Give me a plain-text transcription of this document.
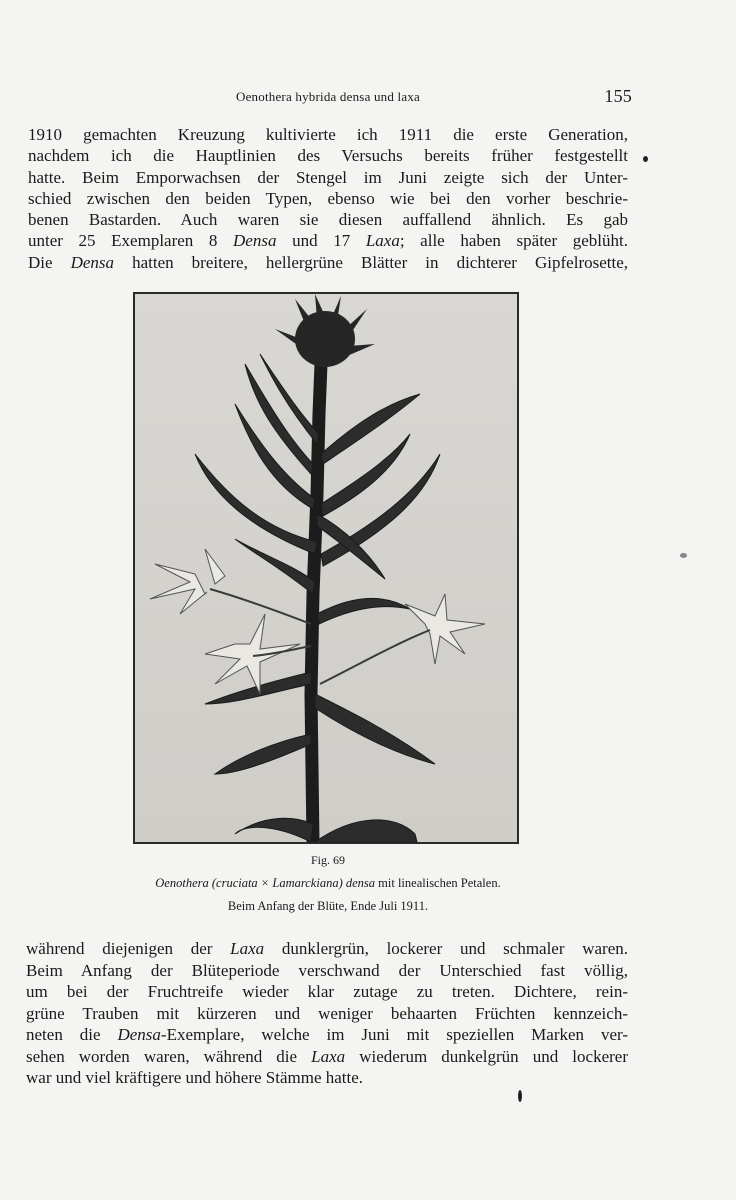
Oenothera hybrida densa und laxa	155
1910 gemachten Kreuzung kultivierte ich 1911 die erste Generation,
nachdem ich die Hauptlinien des Versuchs bereits früher festgestellt
hatte. Beim Emporwachsen der Stengel im Juni zeigte sich der Unter-
schied zwischen den beiden Typen, ebenso wie bei den vorher beschrie-
benen Bastarden. Auch waren sie diesen auffallend ähnlich. Es gab
unter 25 Exemplaren 8 Densa und 17 Laxa; alle haben später geblüht.
Die Densa hatten breitere, hellergrüne Blätter in dichterer Gipfelrosette,
Fig. 69
Oenothera (cruciata × Lamarckiana) densa mit linealischen Petalen.
Beim Anfang der Blüte, Ende Juli 1911.
während diejenigen der Laxa dunklergrün, lockerer und schmaler waren.
Beim Anfang der Blüteperiode verschwand der Unterschied fast völlig,
um bei der Fruchtreife wieder klar zutage zu treten. Dichtere, rein-
grüne Trauben mit kürzeren und weniger behaarten Früchten kennzeich-
neten die Densa-Exemplare, welche im Juni mit speziellen Marken ver-
sehen worden waren, während die Laxa wiederum dunkelgrün und lockerer
war und viel kräftigere und höhere Stämme hatte.
